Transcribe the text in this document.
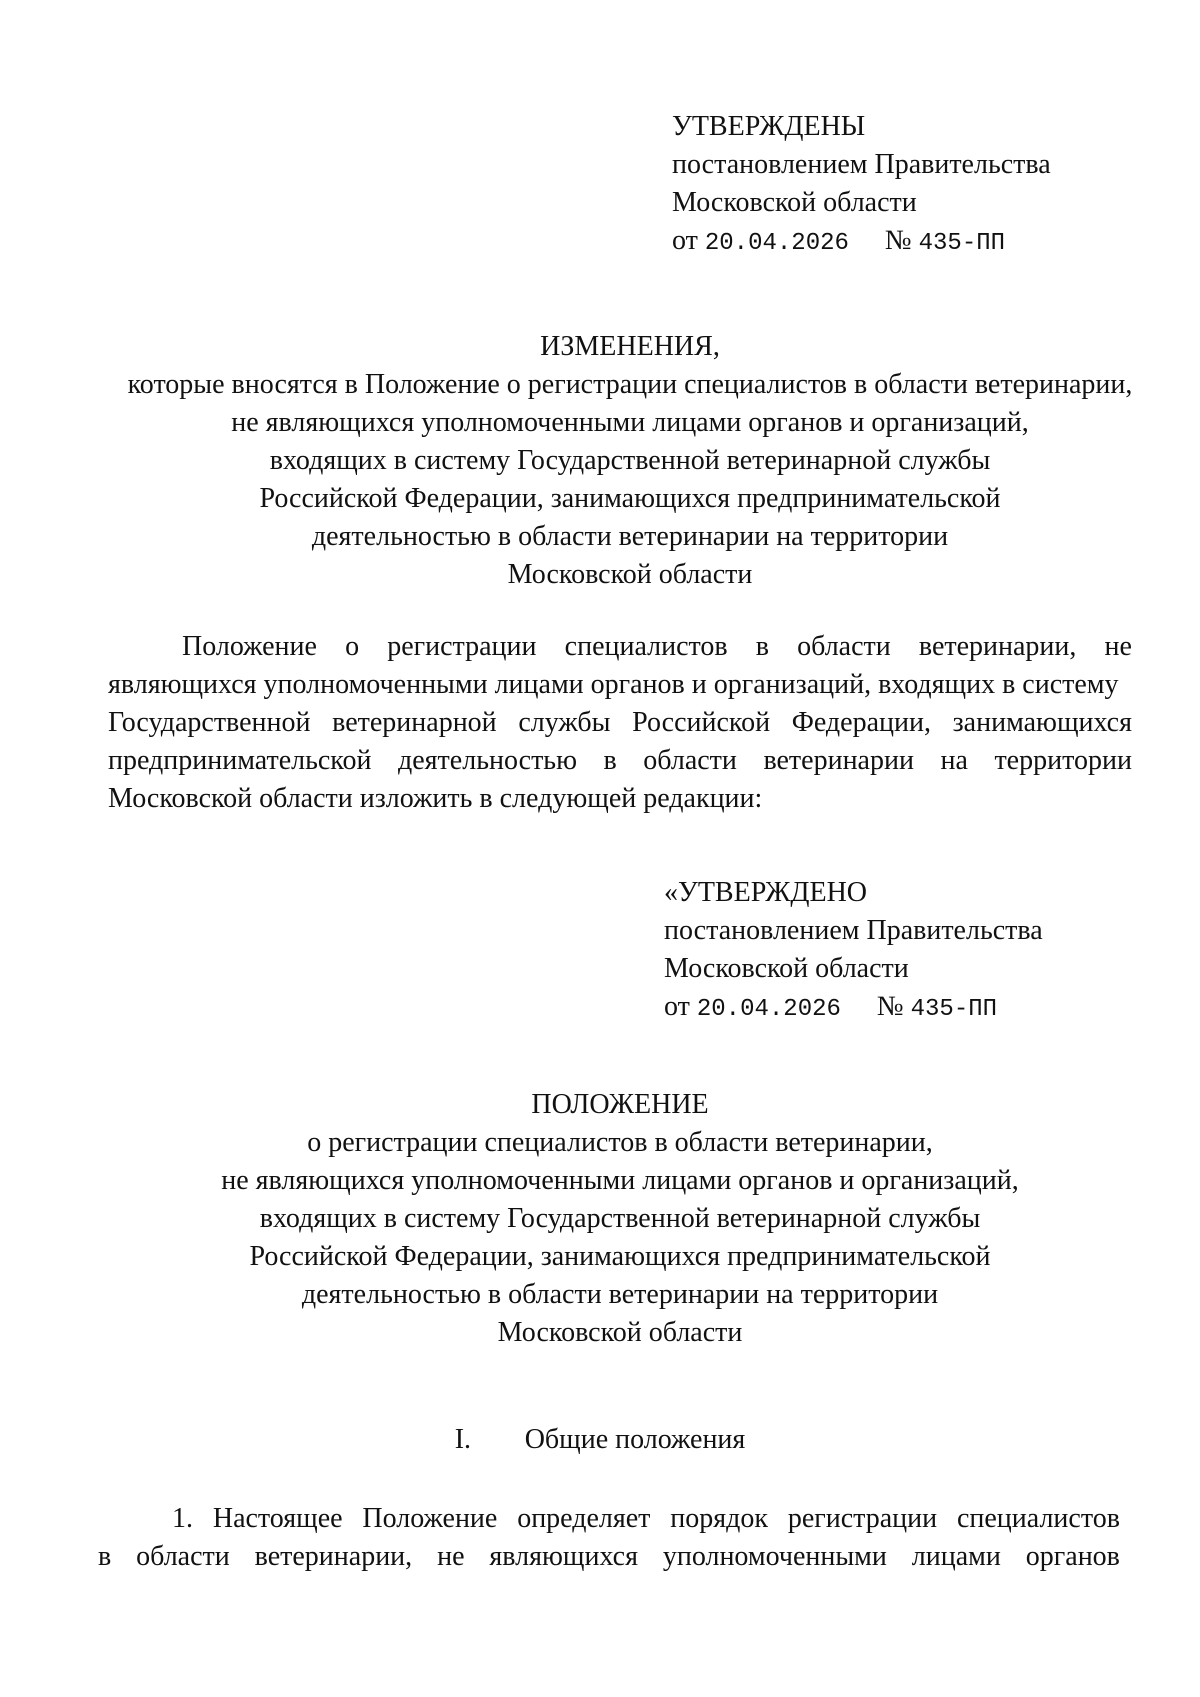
УТВЕРЖДЕНЫ
постановлением Правительства
Московской области
от 20.04.2026 № 435-ПП
ИЗМЕНЕНИЯ,
которые вносятся в Положение о регистрации специалистов в области ветеринарии,
не являющихся уполномоченными лицами органов и организаций,
входящих в систему Государственной ветеринарной службы
Российской Федерации, занимающихся предпринимательской
деятельностью в области ветеринарии на территории
Московской области
Положение о регистрации специалистов в области ветеринарии, не
являющихся уполномоченными лицами органов и организаций, входящих в систему
Государственной ветеринарной службы Российской Федерации, занимающихся
предпринимательской деятельностью в области ветеринарии на территории
Московской области изложить в следующей редакции:
«УТВЕРЖДЕНО
постановлением Правительства
Московской области
от 20.04.2026 № 435-ПП
ПОЛОЖЕНИЕ
о регистрации специалистов в области ветеринарии,
не являющихся уполномоченными лицами органов и организаций,
входящих в систему Государственной ветеринарной службы
Российской Федерации, занимающихся предпринимательской
деятельностью в области ветеринарии на территории
Московской области
I. Общие положения
1. Настоящее Положение определяет порядок регистрации специалистов
в области ветеринарии, не являющихся уполномоченными лицами органов
